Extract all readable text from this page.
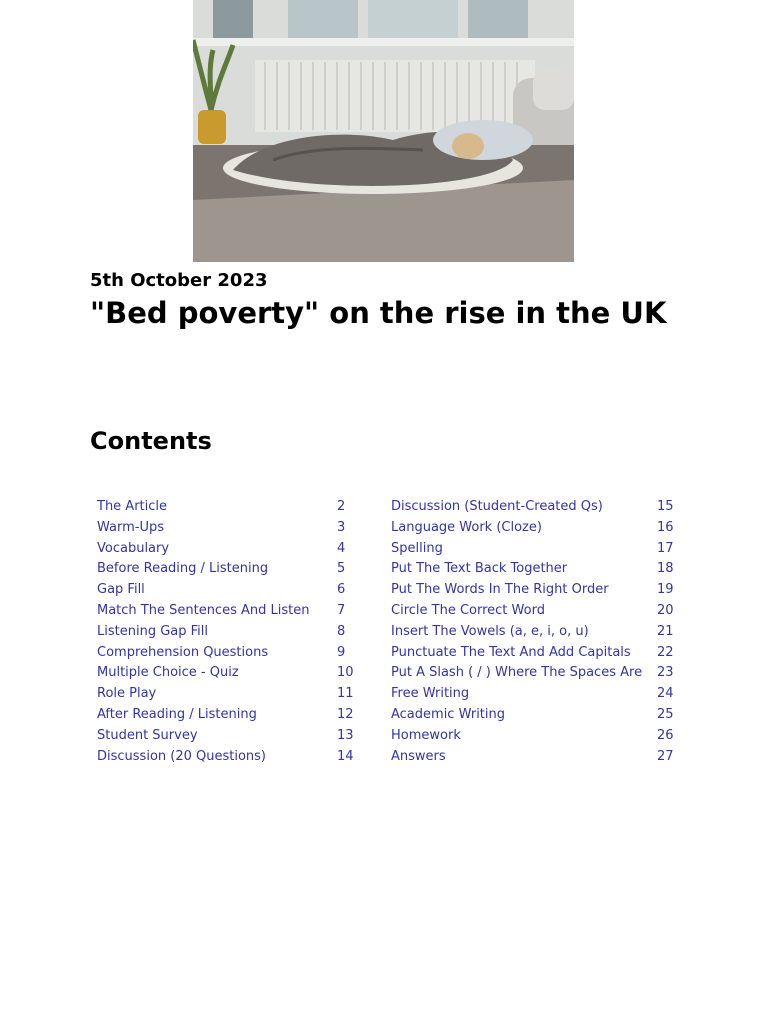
5th October 2023
"Bed poverty" on the rise in the UK
Contents
The Article	2
Warm-Ups	3
Vocabulary	4
Before Reading / Listening	5
Gap Fill	6
Match The Sentences And Listen 7
Listening Gap Fill	8
Comprehension Questions	9
Multiple Choice - Quiz	10
Role Play	11
After Reading / Listening	12
Student Survey	13
Discussion (20 Questions)	14
Discussion (Student-Created Qs)	15
Language Work (Cloze)	16
Spelling	17
Put The Text Back Together	18
Put The Words In The Right Order	19
Circle The Correct Word	20
Insert The Vowels (a, e, i, o, u)	21
Punctuate The Text And Add Capitals 22
Put A Slash ( / ) Where The Spaces Are 23
Free Writing	24
Academic Writing	25
Homework	26
Answers	27
